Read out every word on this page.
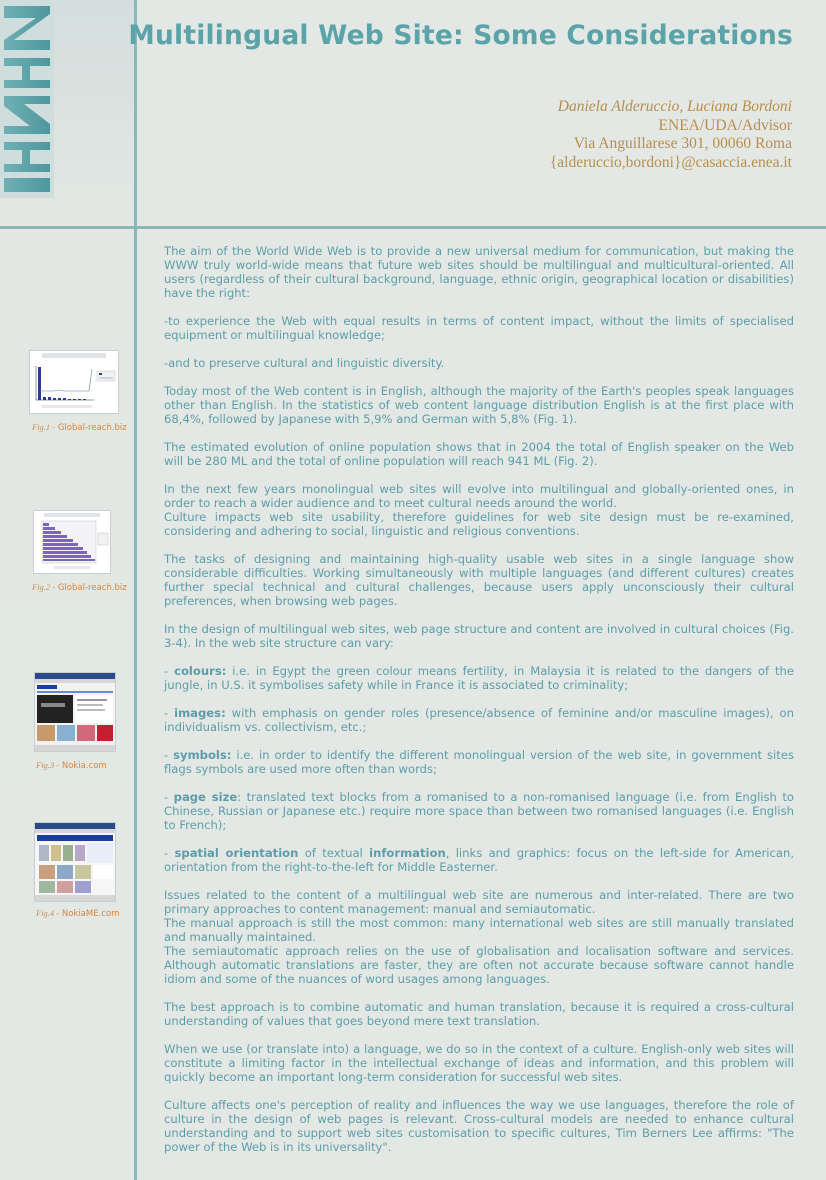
Multilingual Web Site: Some Considerations
Daniela Alderuccio, Luciana Bordoni
ENEA/UDA/Advisor
Via Anguillarese 301, 00060 Roma
{alderuccio,bordoni}@casaccia.enea.it
Fig.1 - Global-reach.biz
Fig.2 - Global-reach.biz
Fig.3 - Nokia.com
Fig.4 - NokiaME.com

The aim of the World Wide Web is to provide a new universal medium for communication, but making the WWW truly world-wide means that future web sites should be multilingual and multicultural-oriented. All users (regardless of their cultural background, language, ethnic origin, geographical location or disabilities) have the right:

-to experience the Web with equal results in terms of content impact, without the limits of specialised equipment or multilingual knowledge;

-and to preserve cultural and linguistic diversity.

Today most of the Web content is in English, although the majority of the Earth's peoples speak languages other than English. In the statistics of web content language distribution English is at the first place with 68,4%, followed by Japanese with 5,9% and German with 5,8% (Fig. 1).

The estimated evolution of online population shows that in 2004 the total of English speaker on the Web will be 280 ML and the total of online population will reach 941 ML (Fig. 2).

In the next few years monolingual web sites will evolve into multilingual and globally-oriented ones, in order to reach a wider audience and to meet cultural needs around the world.

Culture impacts web site usability, therefore guidelines for web site design must be re-examined, considering and adhering to social, linguistic and religious conventions.

The tasks of designing and maintaining high-quality usable web sites in a single language show considerable difficulties. Working simultaneously with multiple languages (and different cultures) creates further special technical and cultural challenges, because users apply unconsciously their cultural preferences, when browsing web pages.

In the design of multilingual web sites, web page structure and content are involved in cultural choices (Fig. 3-4). In the web site structure can vary:

- colours: i.e. in Egypt the green colour means fertility, in Malaysia it is related to the dangers of the jungle, in U.S. it symbolises safety while in France it is associated to criminality;

- images: with emphasis on gender roles (presence/absence of feminine and/or masculine images), on individualism vs. collectivism, etc.;

- symbols: i.e. in order to identify the different monolingual version of the web site, in government sites flags symbols are used more often than words;

- page size: translated text blocks from a romanised to a non-romanised language (i.e. from English to Chinese, Russian or Japanese etc.) require more space than between two romanised languages (i.e. English to French);

- spatial orientation of textual information, links and graphics: focus on the left-side for American, orientation from the right-to-the-left for Middle Easterner.

Issues related to the content of a multilingual web site are numerous and inter-related. There are two primary approaches to content management: manual and semiautomatic.

The manual approach is still the most common: many international web sites are still manually translated and manually maintained.

The semiautomatic approach relies on the use of globalisation and localisation software and services. Although automatic translations are faster, they are often not accurate because software cannot handle idiom and some of the nuances of word usages among languages.

The best approach is to combine automatic and human translation, because it is required a cross-cultural understanding of values that goes beyond mere text translation.

When we use (or translate into) a language, we do so in the context of a culture. English-only web sites will constitute a limiting factor in the intellectual exchange of ideas and information, and this problem will quickly become an important long-term consideration for successful web sites.

Culture affects one's perception of reality and influences the way we use languages, therefore the role of culture in the design of web pages is relevant. Cross-cultural models are needed to enhance cultural understanding and to support web sites customisation to specific cultures, Tim Berners Lee affirms: "The power of the Web is in its universality".
